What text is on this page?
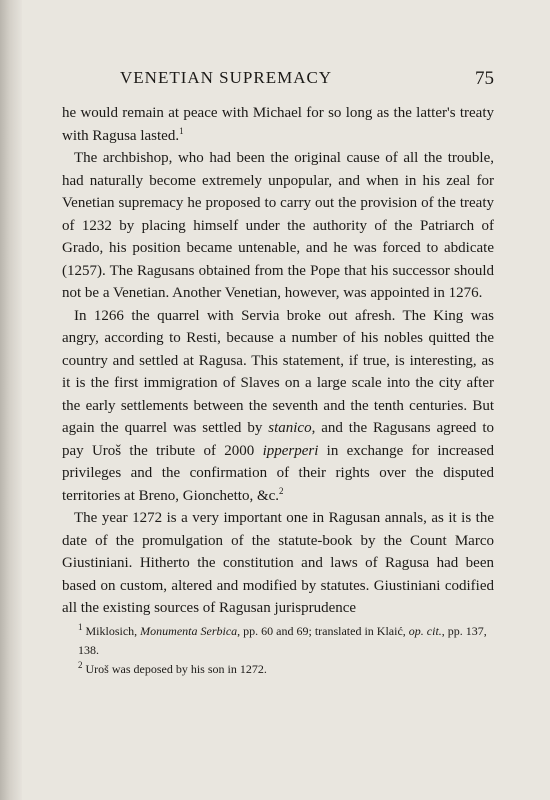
VENETIAN SUPREMACY	75

he would remain at peace with Michael for so long as the latter's treaty with Ragusa lasted.$^1$

The archbishop, who had been the original cause of all the trouble, had naturally become extremely unpopular, and when in his zeal for Venetian supremacy he proposed to carry out the provision of the treaty of 1232 by placing himself under the authority of the Patriarch of Grado, his position became untenable, and he was forced to abdicate (1257). The Ragusans obtained from the Pope that his successor should not be a Venetian. Another Venetian, however, was appointed in 1276.

In 1266 the quarrel with Servia broke out afresh. The King was angry, according to Resti, because a number of his nobles quitted the country and settled at Ragusa. This statement, if true, is interesting, as it is the first immigration of Slaves on a large scale into the city after the early settlements between the seventh and the tenth centuries. But again the quarrel was settled by stanico, and the Ragusans agreed to pay Uroš the tribute of 2000 ipperperi in exchange for increased privileges and the confirmation of their rights over the disputed territories at Breno, Gionchetto, &c.$^2$

The year 1272 is a very important one in Ragusan annals, as it is the date of the promulgation of the statute-book by the Count Marco Giustiniani. Hitherto the constitution and laws of Ragusa had been based on custom, altered and modified by statutes. Giustiniani codified all the existing sources of Ragusan jurisprudence

$^1$ Miklosich, Monumenta Serbica, pp. 60 and 69; translated in Klaić, op. cit., pp. 137, 138.

$^2$ Uroš was deposed by his son in 1272.
